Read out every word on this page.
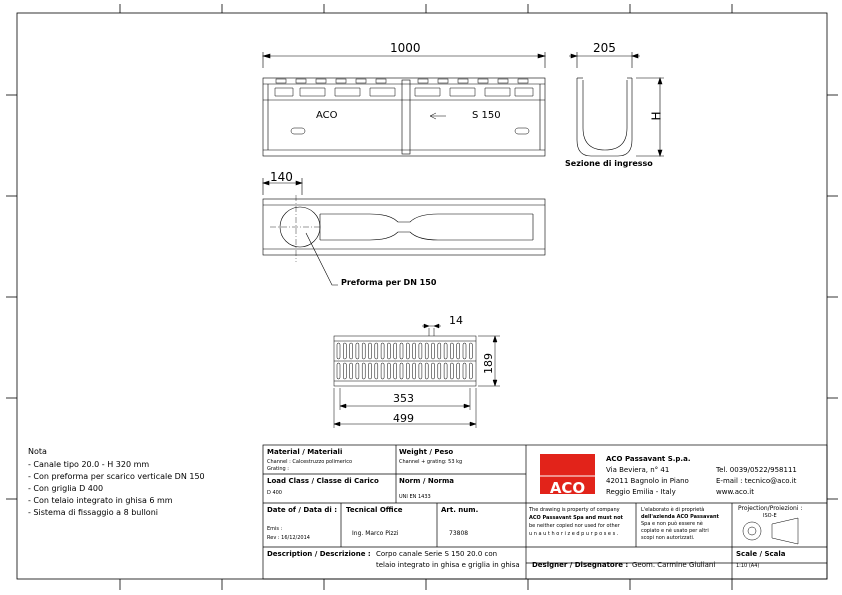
ACO
1000	205
H
ACO	S 150
Sezione di ingresso
140
Preforma per DN 150
14
189
353
499
Nota
- Canale tipo 20.0 - H 320 mm
- Con preforma per scarico verticale DN 150
- Con griglia D 400
- Con telaio integrato in ghisa 6 mm
- Sistema di fissaggio a 8 bulloni
Material / Materiali
Channel : Calcestruzzo polimerico
Grating :
Weight / Peso
Channel + grating: 53 kg
Load Class / Classe di Carico
D 400
Norm / Norma
UNI EN 1433
Date of / Data di :
Emis :
Rev : 16/12/2014
Tecnical Office
Ing. Marco Pizzi
Art. num.
73808
The drawing is property of company
ACO Passavant Spa and must not
be neither copied nor used for other
u n a u t h o r i z e d p u r p o s e s .
L'elaborato è di proprietà
dell'azienda ACO Passavant
Spa e non può essere nè
copiato e nè usato per altri
scopi non autorizzati.
ACO Passavant S.p.a.
Via Beviera, n° 41
42011 Bagnolo in Piano
Reggio Emilia - Italy
Tel. 0039/0522/958111
E-mail : tecnico@aco.it
www.aco.it
Projection/Proiezioni :
ISO-E
Description / Descrizione : Corpo canale Serie S 150 20.0 con
telaio integrato in ghisa e griglia in ghisa Designer / Disegnatore : Geom. Carmine Giuliani
Scale / Scala
1:10 (A4)
